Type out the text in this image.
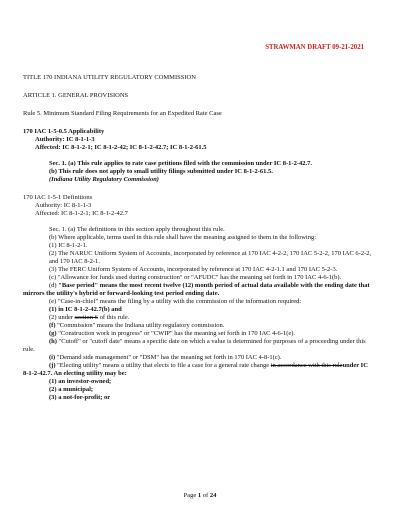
STRAWMAN DRAFT 09-21-2021

TITLE 170 INDIANA UTILITY REGULATORY COMMISSION

ARTICLE 1. GENERAL PROVISIONS

Rule 5. Minimum Standard Filing Requirements for an Expedited Rate Case

170 IAC 1-5-0.5 Applicability

Authority: IC 8-1-1-3

Affected: IC 8-1-2-1; IC 8-1-2-42; IC 8-1-2-42.7; IC 8-1-2-61.5

Sec. 1. (a) This rule applies to rate case petitions filed with the commission under IC 8-1-2-42.7.

(b) This rule does not apply to small utility filings submitted under IC 8-1-2-61.5.

(Indiana Utility Regulatory Commission)

170 IAC 1-5-1 Definitions

Authority: IC 8-1-1-3

Affected: IC 8-1-2-1; IC 8-1-2-42.7

Sec. 1. (a) The definitions in this section apply throughout this rule.

(b) Where applicable, terms used in this rule shall have the meaning assigned to them in the following:

(1) IC 8-1-2-1.

(2) The NARUC Uniform System of Accounts, incorporated by reference at 170 IAC 4-2-2, 170 IAC 5-2-2, 170 IAC 6-2-2, and 170 IAC 8-2-1.

(3) The FERC Uniform System of Accounts, incorporated by reference at 170 IAC 4-2-1.1 and 170 IAC 5-2-3.

(c) "Allowance for funds used during construction" or "AFUDC" has the meaning set forth in 170 IAC 4-6-1(b).

(d) "Base period" means the most recent twelve (12) month period of actual data available with the ending date that mirrors the utility's hybrid or forward-looking test period ending date.

(e) "Case-in-chief" means the filing by a utility with the commission of the information required:

(1) in IC 8-1-2-42.7(b) and

(2) under section 6 of this rule.

(f) "Commission" means the Indiana utility regulatory commission.

(g) "Construction work in progress" or "CWIP" has the meaning set forth in 170 IAC 4-6-1(e).

(h) "Cutoff" or "cutoff date" means a specific date on which a value is determined for purposes of a proceeding under this rule.

(i) "Demand side management" or "DSM" has the meaning set forth in 170 IAC 4-8-1(c).

(j) "Electing utility" means a utility that elects to file a case for a general rate change in accordance with this ruleunder IC 8-1-2-42.7. An electing utility may be:

(1) an investor-owned;

(2) a municipal;

(3) a not-for-profit; or

Page 1 of 24
